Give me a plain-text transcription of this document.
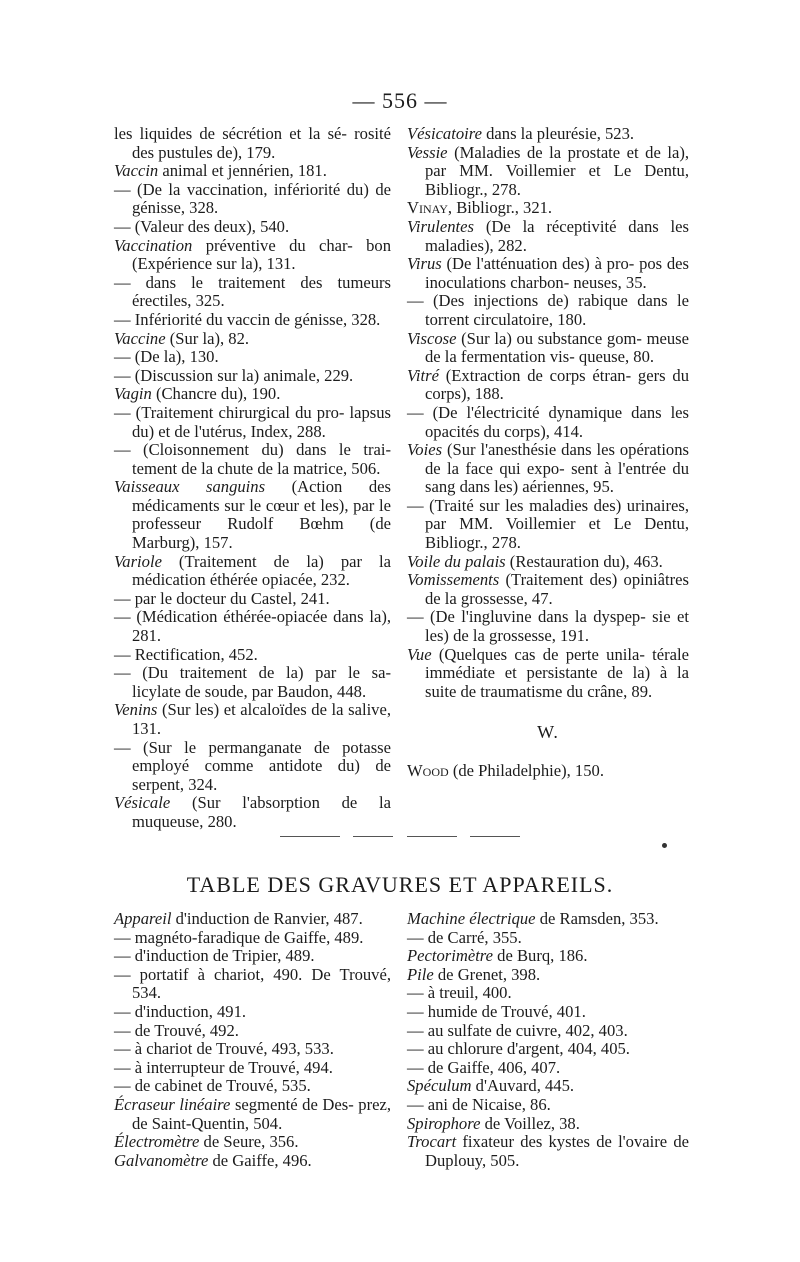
— 556 —
les liquides de sécrétion et la sé- rosité des pustules de), 179.
Vaccin animal et jennérien, 181.
— (De la vaccination, infériorité du) de génisse, 328.
— (Valeur des deux), 540.
Vaccination préventive du char- bon (Expérience sur la), 131.
— dans le traitement des tumeurs érectiles, 325.
— Infériorité du vaccin de génisse, 328.
Vaccine (Sur la), 82.
— (De la), 130.
— (Discussion sur la) animale, 229.
Vagin (Chancre du), 190.
— (Traitement chirurgical du pro- lapsus du) et de l'utérus, Index, 288.
— (Cloisonnement du) dans le trai- tement de la chute de la matrice, 506.
Vaisseaux sanguins (Action des médicaments sur le cœur et les), par le professeur Rudolf Bœhm (de Marburg), 157.
Variole (Traitement de la) par la médication éthérée opiacée, 232.
— par le docteur du Castel, 241.
— (Médication éthérée-opiacée dans la), 281.
— Rectification, 452.
— (Du traitement de la) par le sa- licylate de soude, par Baudon, 448.
Venins (Sur les) et alcaloïdes de la salive, 131.
— (Sur le permanganate de potasse employé comme antidote du) de serpent, 324.
Vésicale (Sur l'absorption de la muqueuse, 280.
Vésicatoire dans la pleurésie, 523.
Vessie (Maladies de la prostate et de la), par MM. Voillemier et Le Dentu, Bibliogr., 278.
Vinay, Bibliogr., 321.
Virulentes (De la réceptivité dans les maladies), 282.
Virus (De l'atténuation des) à pro- pos des inoculations charbon- neuses, 35.
— (Des injections de) rabique dans le torrent circulatoire, 180.
Viscose (Sur la) ou substance gom- meuse de la fermentation vis- queuse, 80.
Vitré (Extraction de corps étran- gers du corps), 188.
— (De l'électricité dynamique dans les opacités du corps), 414.
Voies (Sur l'anesthésie dans les opérations de la face qui expo- sent à l'entrée du sang dans les) aériennes, 95.
— (Traité sur les maladies des) urinaires, par MM. Voillemier et Le Dentu, Bibliogr., 278.
Voile du palais (Restauration du), 463.
Vomissements (Traitement des) opiniâtres de la grossesse, 47.
— (De l'ingluvine dans la dyspep- sie et les) de la grossesse, 191.
Vue (Quelques cas de perte unila- térale immédiate et persistante de la) à la suite de traumatisme du crâne, 89.
W.
Wood (de Philadelphie), 150.
TABLE DES GRAVURES ET APPAREILS.
Appareil d'induction de Ranvier, 487.
— magnéto-faradique de Gaiffe, 489.
— d'induction de Tripier, 489.
— portatif à chariot, 490. De Trouvé, 534.
— d'induction, 491.
— de Trouvé, 492.
— à chariot de Trouvé, 493, 533.
— à interrupteur de Trouvé, 494.
— de cabinet de Trouvé, 535.
Écraseur linéaire segmenté de Des- prez, de Saint-Quentin, 504.
Électromètre de Seure, 356.
Galvanomètre de Gaiffe, 496.
Machine électrique de Ramsden, 353.
— de Carré, 355.
Pectorimètre de Burq, 186.
Pile de Grenet, 398.
— à treuil, 400.
— humide de Trouvé, 401.
— au sulfate de cuivre, 402, 403.
— au chlorure d'argent, 404, 405.
— de Gaiffe, 406, 407.
Spéculum d'Auvard, 445.
— ani de Nicaise, 86.
Spirophore de Voillez, 38.
Trocart fixateur des kystes de l'ovaire de Duplouy, 505.
